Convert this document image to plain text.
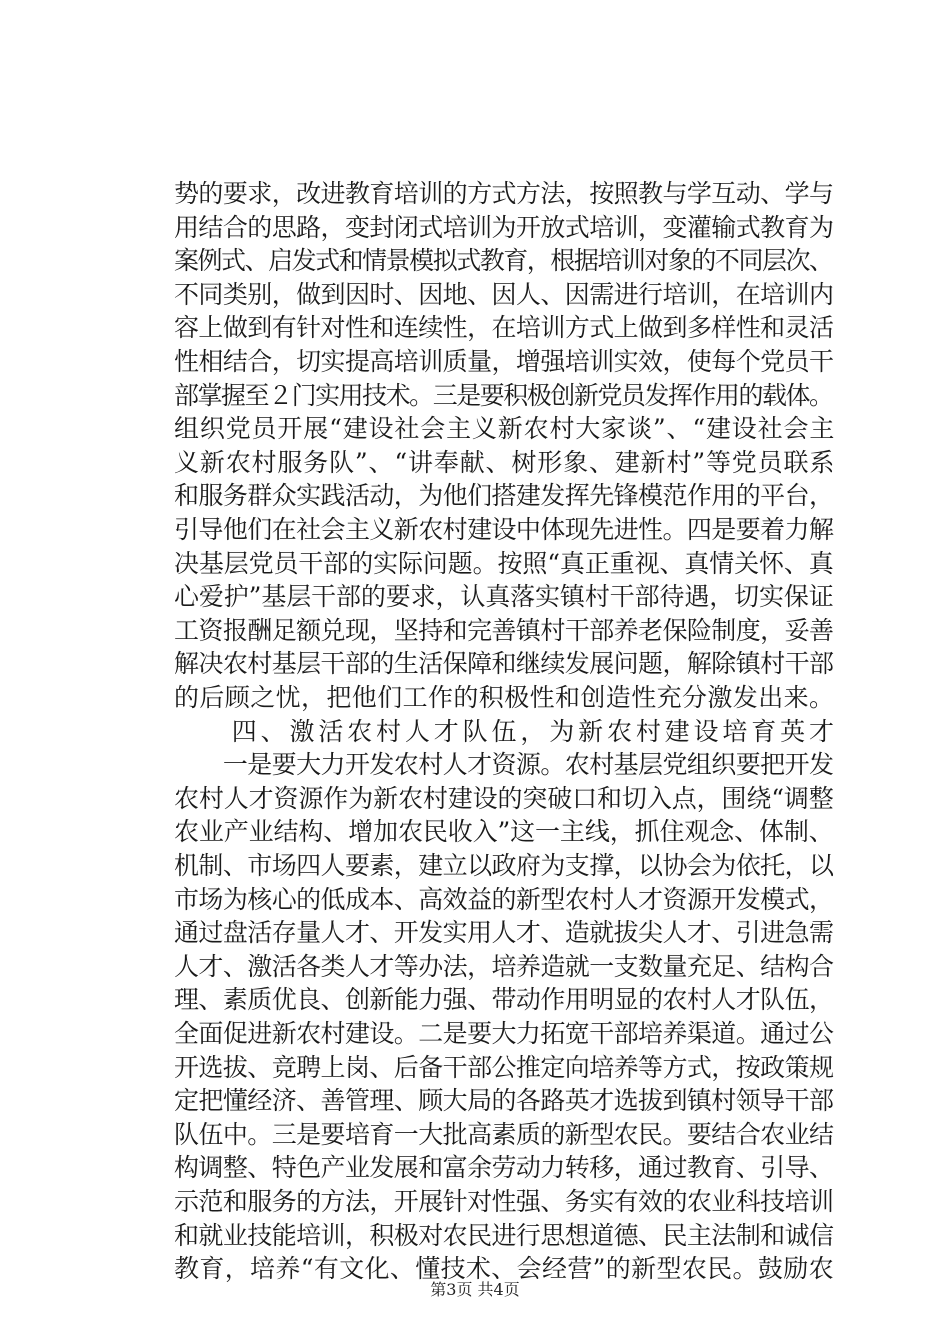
势的要求，改进教育培训的方式方法，按照教与学互动、学与
用结合的思路，变封闭式培训为开放式培训，变灌输式教育为
案例式、启发式和情景模拟式教育，根据培训对象的不同层次、
不同类别，做到因时、因地、因人、因需进行培训，在培训内
容上做到有针对性和连续性，在培训方式上做到多样性和灵活
性相结合，切实提高培训质量，增强培训实效，使每个党员干
部掌握至２门实用技术。三是要积极创新党员发挥作用的载体。
组织党员开展“建设社会主义新农村大家谈”、“建设社会主
义新农村服务队”、“讲奉献、树形象、建新村”等党员联系
和服务群众实践活动，为他们搭建发挥先锋模范作用的平台，
引导他们在社会主义新农村建设中体现先进性。四是要着力解
决基层党员干部的实际问题。按照“真正重视、真情关怀、真
心爱护”基层干部的要求，认真落实镇村干部待遇，切实保证
工资报酬足额兑现，坚持和完善镇村干部养老保险制度，妥善
解决农村基层干部的生活保障和继续发展问题，解除镇村干部
的后顾之忧，把他们工作的积极性和创造性充分激发出来。
　　四、激活农村人才队伍，为新农村建设培育英才
　　一是要大力开发农村人才资源。农村基层党组织要把开发
农村人才资源作为新农村建设的突破口和切入点，围绕“调整
农业产业结构、增加农民收入”这一主线，抓住观念、体制、
机制、市场四人要素，建立以政府为支撑，以协会为依托，以
市场为核心的低成本、高效益的新型农村人才资源开发模式，
通过盘活存量人才、开发实用人才、造就拔尖人才、引进急需
人才、激活各类人才等办法，培养造就一支数量充足、结构合
理、素质优良、创新能力强、带动作用明显的农村人才队伍，
全面促进新农村建设。二是要大力拓宽干部培养渠道。通过公
开选拔、竞聘上岗、后备干部公推定向培养等方式，按政策规
定把懂经济、善管理、顾大局的各路英才选拔到镇村领导干部
队伍中。三是要培育一大批高素质的新型农民。要结合农业结
构调整、特色产业发展和富余劳动力转移，通过教育、引导、
示范和服务的方法，开展针对性强、务实有效的农业科技培训
和就业技能培训，积极对农民进行思想道德、民主法制和诚信
教育，培养“有文化、懂技术、会经营”的新型农民。鼓励农
第3页 共4页
